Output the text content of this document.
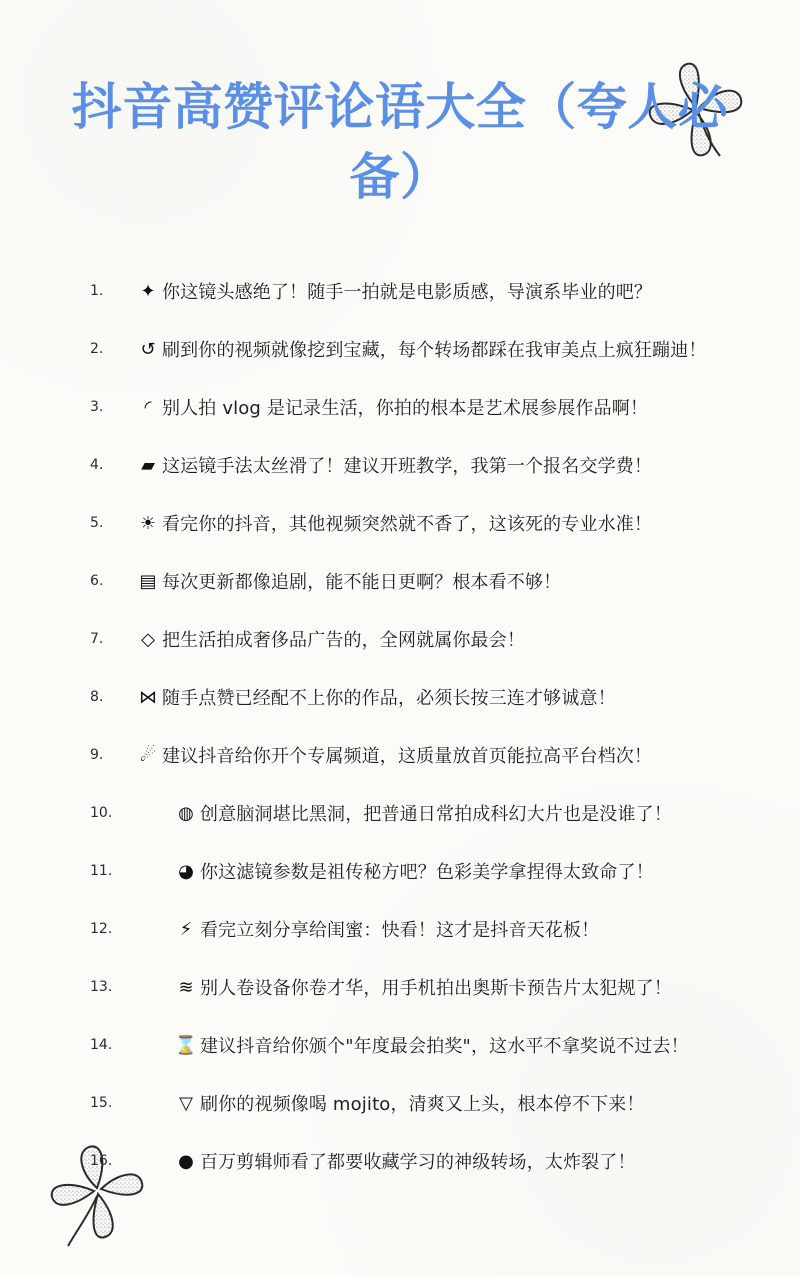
抖音高赞评论语大全（夸人必
备）
1.	✦ 你这镜头感绝了！随手一拍就是电影质感，导演系毕业的吧？
2.	↺ 刷到你的视频就像挖到宝藏，每个转场都踩在我审美点上疯狂蹦迪！
3.	◜ 别人拍 vlog 是记录生活，你拍的根本是艺术展参展作品啊！
4.	▰ 这运镜手法太丝滑了！建议开班教学，我第一个报名交学费！
5.	☀ 看完你的抖音，其他视频突然就不香了，这该死的专业水准！
6.	▤ 每次更新都像追剧，能不能日更啊？根本看不够！
7.	◇ 把生活拍成奢侈品广告的，全网就属你最会！
8.	⋈ 随手点赞已经配不上你的作品，必须长按三连才够诚意！
9.	☄ 建议抖音给你开个专属频道，这质量放首页能拉高平台档次！
10.	◍ 创意脑洞堪比黑洞，把普通日常拍成科幻大片也是没谁了！
11.	◕ 你这滤镜参数是祖传秘方吧？色彩美学拿捏得太致命了！
12.	⚡ 看完立刻分享给闺蜜：快看！这才是抖音天花板！
13.	≋ 别人卷设备你卷才华，用手机拍出奥斯卡预告片太犯规了！
14.	⌛ 建议抖音给你颁个"年度最会拍奖"，这水平不拿奖说不过去！
15.	▽ 刷你的视频像喝 mojito，清爽又上头，根本停不下来！
16.	● 百万剪辑师看了都要收藏学习的神级转场，太炸裂了！
